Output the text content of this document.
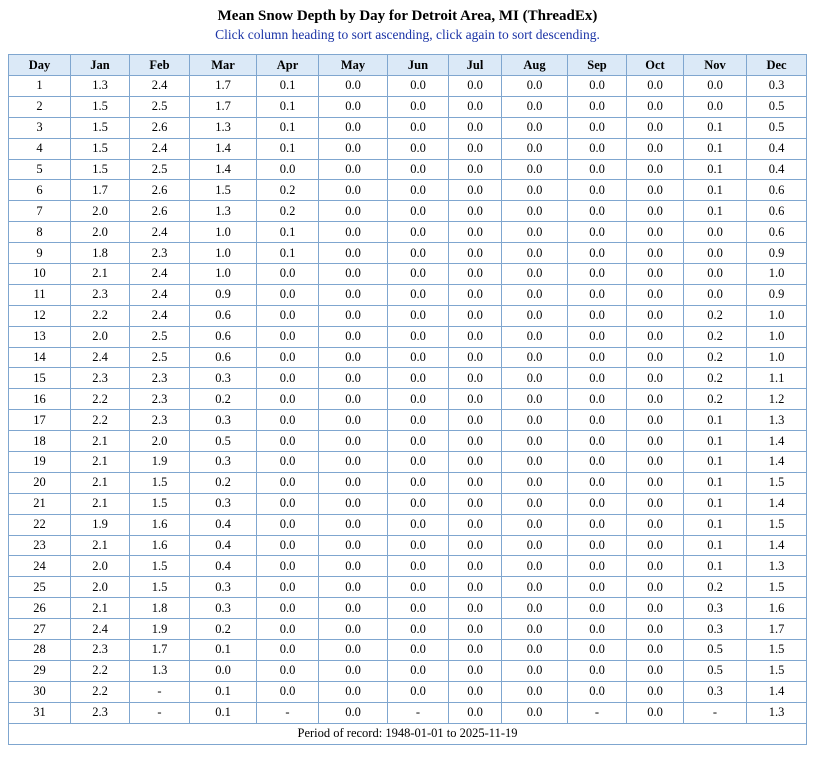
Mean Snow Depth by Day for Detroit Area, MI (ThreadEx)
Click column heading to sort ascending, click again to sort descending.
Day	Jan	Feb	Mar	Apr	May	Jun	Jul	Aug	Sep	Oct	Nov	Dec
1	1.3	2.4	1.7	0.1	0.0	0.0	0.0	0.0	0.0	0.0	0.0	0.3
2	1.5	2.5	1.7	0.1	0.0	0.0	0.0	0.0	0.0	0.0	0.0	0.5
3	1.5	2.6	1.3	0.1	0.0	0.0	0.0	0.0	0.0	0.0	0.1	0.5
4	1.5	2.4	1.4	0.1	0.0	0.0	0.0	0.0	0.0	0.0	0.1	0.4
5	1.5	2.5	1.4	0.0	0.0	0.0	0.0	0.0	0.0	0.0	0.1	0.4
6	1.7	2.6	1.5	0.2	0.0	0.0	0.0	0.0	0.0	0.0	0.1	0.6
7	2.0	2.6	1.3	0.2	0.0	0.0	0.0	0.0	0.0	0.0	0.1	0.6
8	2.0	2.4	1.0	0.1	0.0	0.0	0.0	0.0	0.0	0.0	0.0	0.6
9	1.8	2.3	1.0	0.1	0.0	0.0	0.0	0.0	0.0	0.0	0.0	0.9
10	2.1	2.4	1.0	0.0	0.0	0.0	0.0	0.0	0.0	0.0	0.0	1.0
11	2.3	2.4	0.9	0.0	0.0	0.0	0.0	0.0	0.0	0.0	0.0	0.9
12	2.2	2.4	0.6	0.0	0.0	0.0	0.0	0.0	0.0	0.0	0.2	1.0
13	2.0	2.5	0.6	0.0	0.0	0.0	0.0	0.0	0.0	0.0	0.2	1.0
14	2.4	2.5	0.6	0.0	0.0	0.0	0.0	0.0	0.0	0.0	0.2	1.0
15	2.3	2.3	0.3	0.0	0.0	0.0	0.0	0.0	0.0	0.0	0.2	1.1
16	2.2	2.3	0.2	0.0	0.0	0.0	0.0	0.0	0.0	0.0	0.2	1.2
17	2.2	2.3	0.3	0.0	0.0	0.0	0.0	0.0	0.0	0.0	0.1	1.3
18	2.1	2.0	0.5	0.0	0.0	0.0	0.0	0.0	0.0	0.0	0.1	1.4
19	2.1	1.9	0.3	0.0	0.0	0.0	0.0	0.0	0.0	0.0	0.1	1.4
20	2.1	1.5	0.2	0.0	0.0	0.0	0.0	0.0	0.0	0.0	0.1	1.5
21	2.1	1.5	0.3	0.0	0.0	0.0	0.0	0.0	0.0	0.0	0.1	1.4
22	1.9	1.6	0.4	0.0	0.0	0.0	0.0	0.0	0.0	0.0	0.1	1.5
23	2.1	1.6	0.4	0.0	0.0	0.0	0.0	0.0	0.0	0.0	0.1	1.4
24	2.0	1.5	0.4	0.0	0.0	0.0	0.0	0.0	0.0	0.0	0.1	1.3
25	2.0	1.5	0.3	0.0	0.0	0.0	0.0	0.0	0.0	0.0	0.2	1.5
26	2.1	1.8	0.3	0.0	0.0	0.0	0.0	0.0	0.0	0.0	0.3	1.6
27	2.4	1.9	0.2	0.0	0.0	0.0	0.0	0.0	0.0	0.0	0.3	1.7
28	2.3	1.7	0.1	0.0	0.0	0.0	0.0	0.0	0.0	0.0	0.5	1.5
29	2.2	1.3	0.0	0.0	0.0	0.0	0.0	0.0	0.0	0.0	0.5	1.5
30	2.2	-	0.1	0.0	0.0	0.0	0.0	0.0	0.0	0.0	0.3	1.4
31	2.3	-	0.1	-	0.0	-	0.0	0.0	-	0.0	-	1.3
Period of record: 1948-01-01 to 2025-11-19												
